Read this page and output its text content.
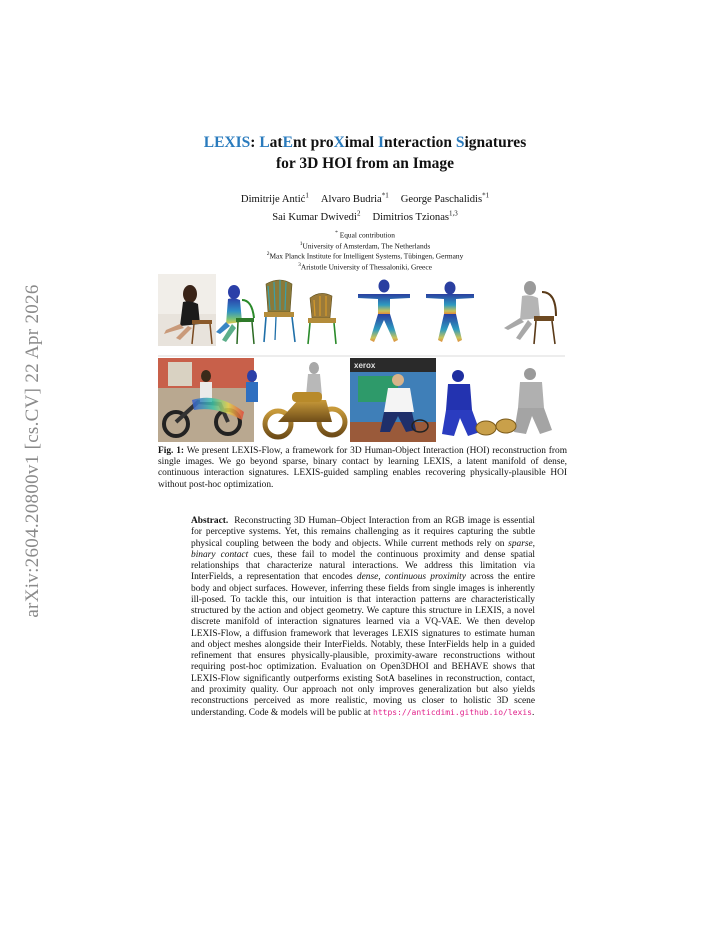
arXiv:2604.20800v1 [cs.CV] 22 Apr 2026
LEXIS: LatEnt proXimal Interaction Signatures
for 3D HOI from an Image
Dimitrije Antić$^1$ Alvaro Budria$^{*1}$ George Paschalidis$^{*1}$
Sai Kumar Dwivedi$^2$ Dimitrios Tzionas$^{1,3}$
* Equal contribution
$^1$University of Amsterdam, The Netherlands
$^2$Max Planck Institute for Intelligent Systems, Tübingen, Germany
$^3$Aristotle University of Thessaloniki, Greece
xerox
Fig. 1: We present LEXIS-Flow, a framework for 3D Human-Object Interaction (HOI) reconstruction from single images. We go beyond sparse, binary contact by learning LEXIS, a latent manifold of dense, continuous interaction signatures. LEXIS-guided sampling enables recovering physically-plausible HOI without post-hoc optimization.
Abstract. Reconstructing 3D Human–Object Interaction from an RGB image is essential for perceptive systems. Yet, this remains challenging as it requires capturing the subtle physical coupling between the body and objects. While current methods rely on sparse, binary contact cues, these fail to model the continuous proximity and dense spatial relationships that characterize natural interactions. We address this limitation via InterFields, a representation that encodes dense, continuous proximity across the entire body and object surfaces. However, inferring these fields from single images is inherently ill-posed. To tackle this, our intuition is that interaction patterns are characteristically structured by the action and object geometry. We capture this structure in LEXIS, a novel discrete manifold of interaction signatures learned via a VQ-VAE. We then develop LEXIS-Flow, a diffusion framework that leverages LEXIS signatures to estimate human and object meshes alongside their InterFields. Notably, these InterFields help in a guided refinement that ensures physically-plausible, proximity-aware reconstructions without requiring post-hoc optimization. Evaluation on Open3DHOI and BEHAVE shows that LEXIS-Flow significantly outperforms existing SotA baselines in reconstruction, contact, and proximity quality. Our approach not only improves generalization but also yields reconstructions perceived as more realistic, moving us closer to holistic 3D scene understanding. Code & models will be public at https://anticdimi.github.io/lexis.
